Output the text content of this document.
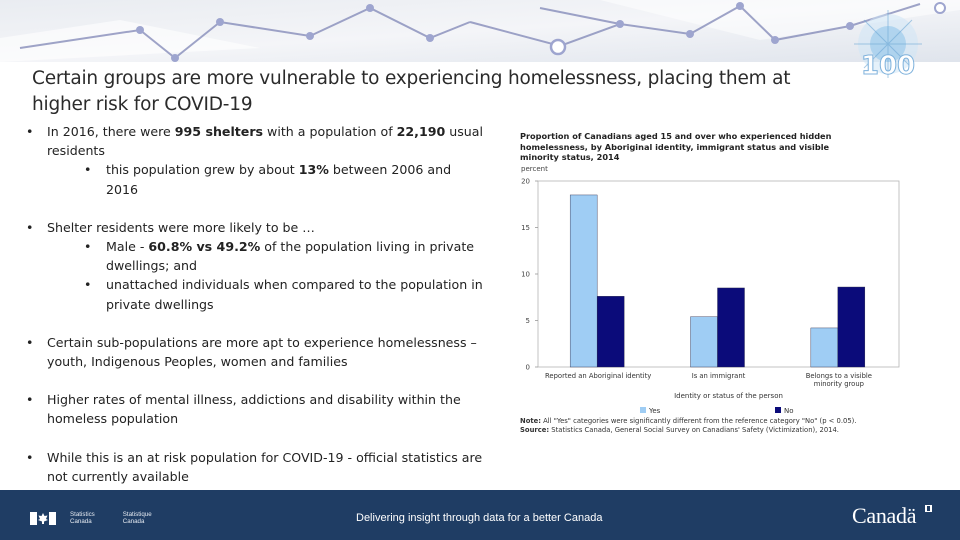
100
Certain groups are more vulnerable to experiencing homelessness, placing them at higher risk for COVID-19
• In 2016, there were 995 shelters with a population of 22,190 usual residents
• this population grew by about 13% between 2006 and 2016
• Shelter residents were more likely to be …
• Male - 60.8% vs 49.2% of the population living in private dwellings; and
• unattached individuals when compared to the population in private dwellings
• Certain sub-populations are more apt to experience homelessness – youth, Indigenous Peoples, women and families
• Higher rates of mental illness, addictions and disability within the homeless population
• While this is an at risk population for COVID-19 - official statistics are not currently available
Proportion of Canadians aged 15 and over who experienced hidden homelessness, by Aboriginal identity, immigrant status and visible minority status, 2014
percent
0
5
10
15
20
Reported an Aboriginal identity	Is an immigrant	Belongs to a visible minority group
Identity or status of the person
Yes	No
Note: All "Yes" categories were significantly different from the reference category "No" (p < 0.05).
Source: Statistics Canada, General Social Survey on Canadians' Safety (Victimization), 2014.
Statistics
Canada
Statistique
Canada	Delivering insight through data for a better Canada	Canadä
